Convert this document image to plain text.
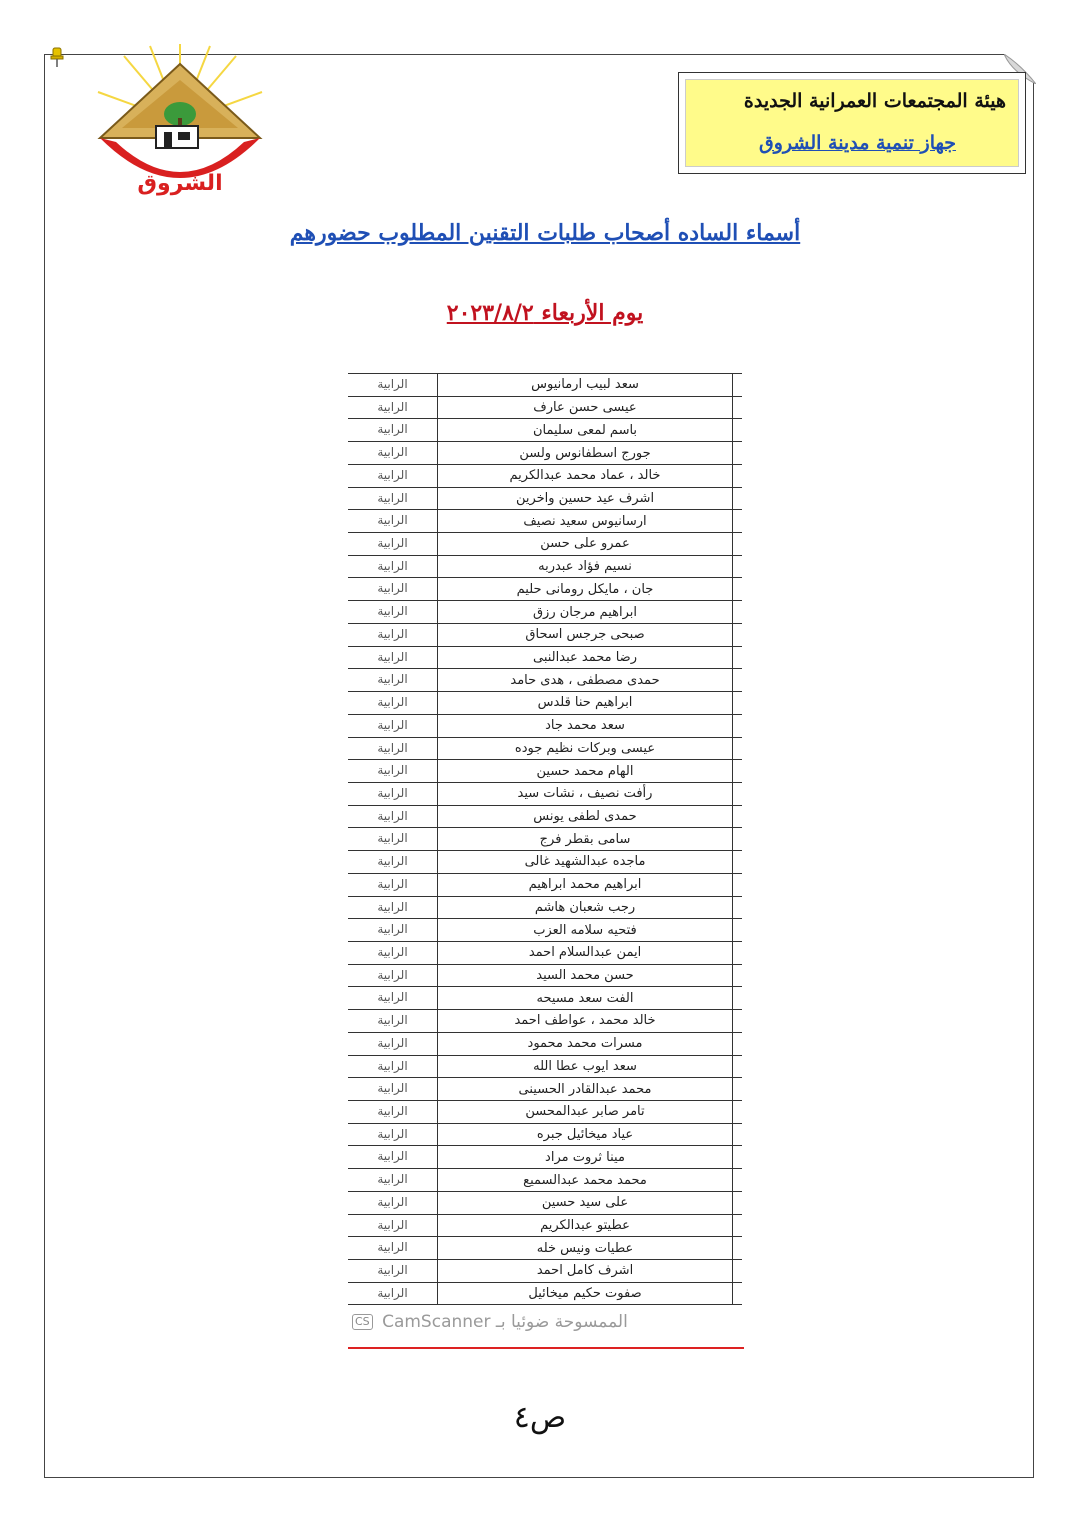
هيئة المجتمعات العمرانية الجديدة
جهاز تنمية مدينة الشروق
الشروق
أسماء الساده أصحاب طلبات التقنين المطلوب حضورهم
يوم الأربعاء ٢٠٢٣/٨/٢
الرابية	سعد لبيب ارمانيوس
الرابية	عيسى حسن عارف
الرابية	باسم لمعى سليمان
الرابية	جورج اسطفانوس ولسن
الرابية	خالد ، عماد محمد عبدالكريم
الرابية	اشرف عيد حسين واخرين
الرابية	ارسانيوس سعيد نصيف
الرابية	عمرو على حسن
الرابية	نسيم فؤاد عبدربه
الرابية	جان ، مايكل رومانى حليم
الرابية	ابراهيم مرجان رزق
الرابية	صبحى جرجس اسحاق
الرابية	رضا محمد عبدالنبى
الرابية	حمدى مصطفى ، هدى حامد
الرابية	ابراهيم حنا قلدس
الرابية	سعد محمد جاد
الرابية	عيسى وبركات نظيم جوده
الرابية	الهام محمد حسين
الرابية	رأفت نصيف ، نشات سيد
الرابية	حمدى لطفى يونس
الرابية	سامى بقطر فرج
الرابية	ماجده عبدالشهيد غالى
الرابية	ابراهيم محمد ابراهيم
الرابية	رجب شعبان هاشم
الرابية	فتحيه سلامه العزب
الرابية	ايمن عبدالسلام احمد
الرابية	حسن محمد السيد
الرابية	الفت سعد مسيحه
الرابية	خالد محمد ، عواطف احمد
الرابية	مسرات محمد محمود
الرابية	سعد ايوب عطا الله
الرابية	محمد عبدالقادر الحسينى
الرابية	تامر صابر عبدالمحسن
الرابية	عياد ميخائيل جبره
الرابية	مينا ثروت مراد
الرابية	محمد محمد عبدالسميع
الرابية	على سيد حسين
الرابية	عطيتو عبدالكريم
الرابية	عطيات ونيس خله
الرابية	اشرف كامل احمد
الرابية	صفوت حكيم ميخائيل
CS CamScanner الممسوحة ضوئيا بـ
ص٤
